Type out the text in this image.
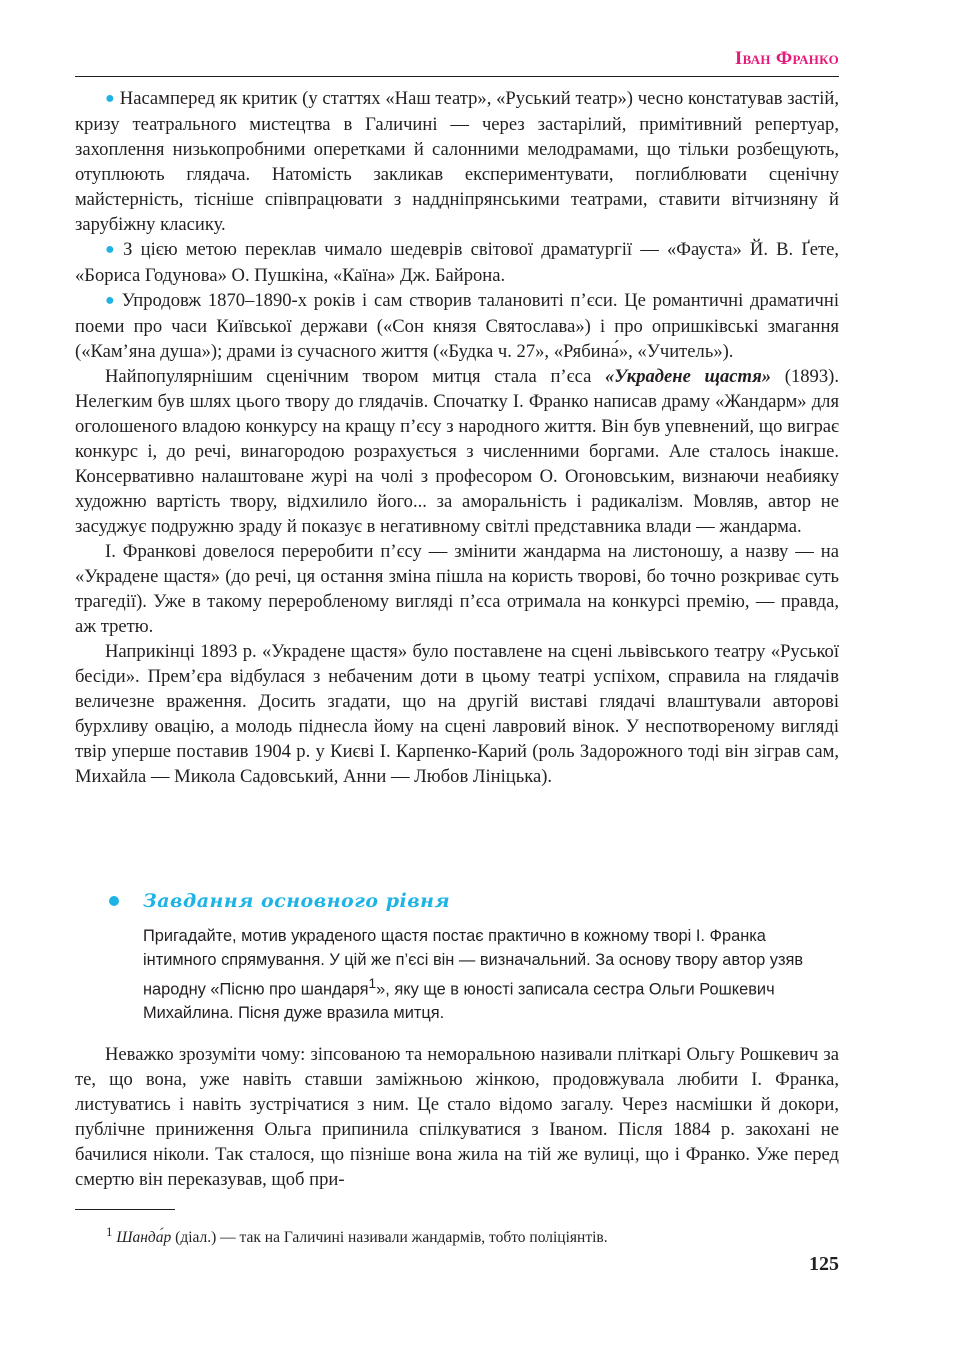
Іван Франко

● Насамперед як критик (у статтях «Наш театр», «Руський театр») чесно констатував застій, кризу театрального мистецтва в Галичині — через застарілий, примітивний репертуар, захоплення низькопробними оперетками й салонними мелодрамами, що тільки розбещують, отуплюють глядача. Натомість закликав експериментувати, поглиблювати сценічну майстерність, тісніше співпрацювати з наддніпрянськими театрами, ставити вітчизняну й зарубіжну класику.

● З цією метою переклав чимало шедеврів світової драматургії — «Фауста» Й. В. Ґете, «Бориса Годунова» О. Пушкіна, «Каїна» Дж. Байрона.

● Упродовж 1870–1890-х років і сам створив талановиті п’єси. Це романтичні драматичні поеми про часи Київської держави («Сон князя Святослава») і про опришківські змагання («Кам’яна душа»); драми із сучасного життя («Будка ч. 27», «Рябина́», «Учитель»).

Найпопулярнішим сценічним твором митця стала п’єса «Украдене щастя» (1893). Нелегким був шлях цього твору до глядачів. Спочатку І. Франко написав драму «Жандарм» для оголошеного владою конкурсу на кращу п’єсу з народного життя. Він був упевнений, що виграє конкурс і, до речі, винагородою розрахується з численними боргами. Але сталось інакше. Консервативно налаштоване журі на чолі з професором О. Огоновським, визнаючи неабияку художню вартість твору, відхилило його... за аморальність і радикалізм. Мовляв, автор не засуджує подружню зраду й показує в негативному світлі представника влади — жандарма.

І. Франкові довелося переробити п’єсу — змінити жандарма на листоношу, а назву — на «Украдене щастя» (до речі, ця остання зміна пішла на користь творові, бо точно розкриває суть трагедії). Уже в такому переробленому вигляді п’єса отримала на конкурсі премію, — правда, аж третю.

Наприкінці 1893 р. «Украдене щастя» було поставлене на сцені львівського театру «Руської бесіди». Прем’єра відбулася з небаченим доти в цьому театрі успіхом, справила на глядачів величезне враження. Досить згадати, що на другій виставі глядачі влаштували авторові бурхливу овацію, а молодь піднесла йому на сцені лавровий вінок. У неспотвореному вигляді твір уперше поставив 1904 р. у Києві І. Карпенко-Карий (роль Задорожного тоді він зіграв сам, Михайла — Микола Садовський, Анни — Любов Лініцька).

Завдання основного рівня
Пригадайте, мотив украденого щастя постає практично в кожному творі І. Франка інтимного спрямування. У цій же п’єсі він — визначальний. За основу твору автор узяв народну «Пісню про шандаря$^1$», яку ще в юності записала сестра Ольги Рошкевич Михайлина. Пісня дуже вразила митця.

Неважко зрозуміти чому: зіпсованою та неморальною називали пліткарі Ольгу Рошкевич за те, що вона, уже навіть ставши заміжньою жінкою, продовжувала любити І. Франка, листуватись і навіть зустрічатися з ним. Це стало відомо загалу. Через насмішки й докори, публічне приниження Ольга припинила спілкуватися з Іваном. Після 1884 р. закохані не бачилися ніколи. Так сталося, що пізніше вона жила на тій же вулиці, що і Франко. Уже перед смертю він переказував, щоб при-

$^1$ Шанда́р (діал.) — так на Галичині називали жандармів, тобто поліціянтів.
125
